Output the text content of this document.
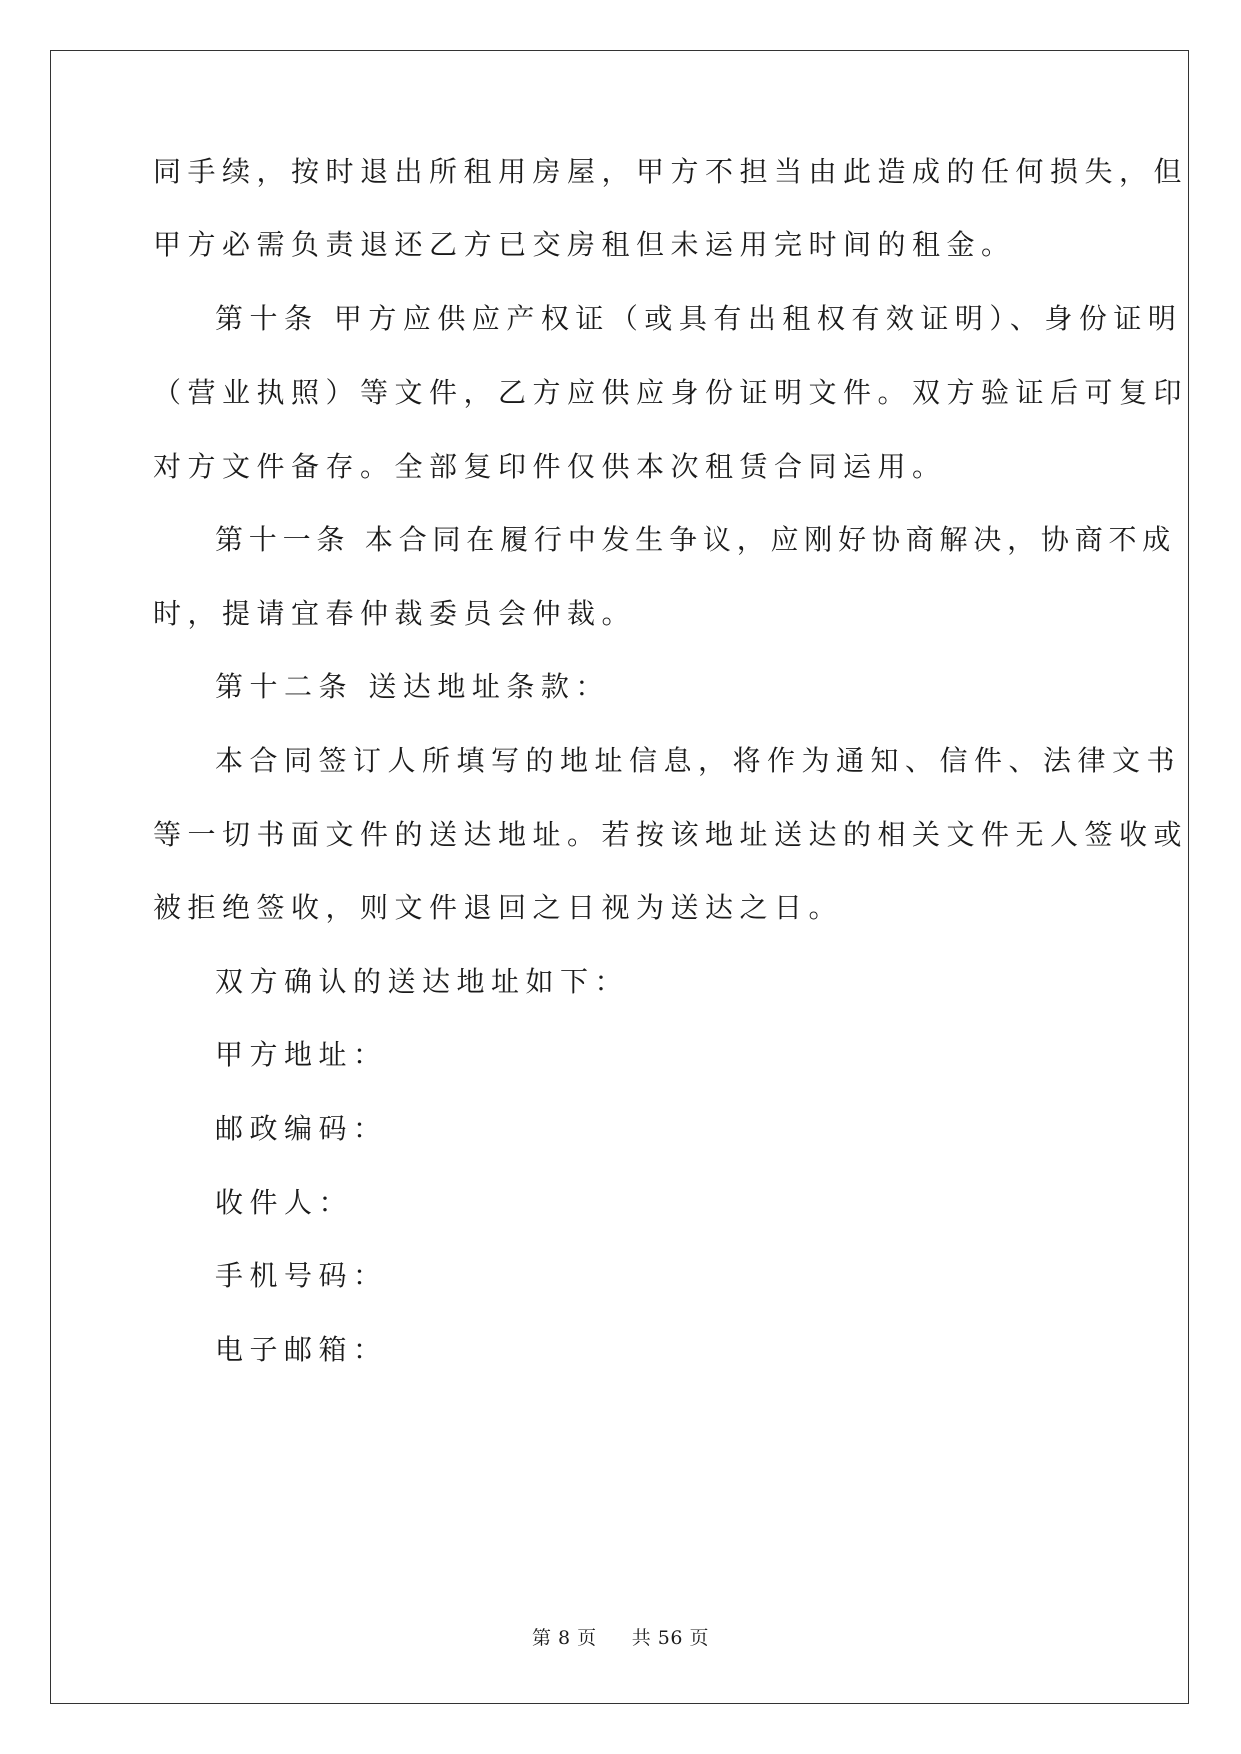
同手续，按时退出所租用房屋，甲方不担当由此造成的任何损失，但
甲方必需负责退还乙方已交房租但未运用完时间的租金。
第十条 甲方应供应产权证（或具有出租权有效证明）、身份证明
（营业执照）等文件，乙方应供应身份证明文件。双方验证后可复印
对方文件备存。全部复印件仅供本次租赁合同运用。
第十一条 本合同在履行中发生争议，应刚好协商解决，协商不成
时，提请宜春仲裁委员会仲裁。
第十二条 送达地址条款：
本合同签订人所填写的地址信息，将作为通知、信件、法律文书
等一切书面文件的送达地址。若按该地址送达的相关文件无人签收或
被拒绝签收，则文件退回之日视为送达之日。
双方确认的送达地址如下：
甲方地址：
邮政编码：
收件人：
手机号码：
电子邮箱：
第 8 页 共 56 页
